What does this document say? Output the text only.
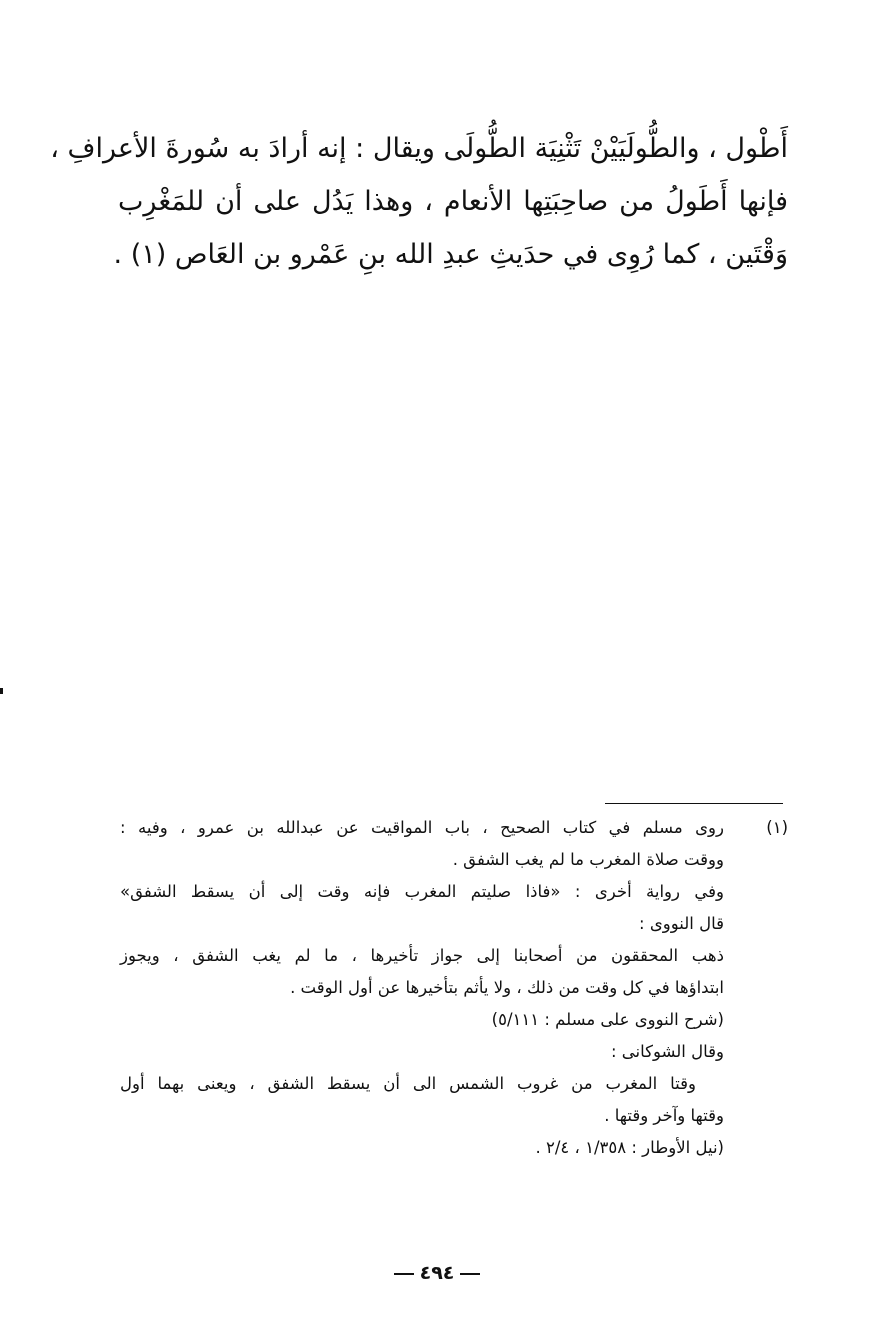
أَطْول ، والطُّولَيَيْنْ تَثْنِيَة الطُّولَى ويقال : إنه أرادَ به سُورةَ الأعرافِ ،
فإنها أَطَولُ من صاحِبَتِها الأنعام ، وهذا يَدُل على أن للمَغْرِب
وَقْتَين ، كما رُوِى في حدَيثِ عبدِ الله بنِ عَمْرو بن العَاص (١) .
(١)
روى مسلم في كتاب الصحيح ، باب المواقيت عن عبدالله بن عمرو ، وفيه :
ووقت صلاة المغرب ما لم يغب الشفق .
وفي رواية أخرى : «فاذا صليتم المغرب فإنه وقت إلى أن يسقط الشفق»
قال النووى :
ذهب المحققون من أصحابنا إلى جواز تأخيرها ، ما لم يغب الشفق ، ويجوز
ابتداؤها في كل وقت من ذلك ، ولا يأثم بتأخيرها عن أول الوقت .
(شرح النووى على مسلم : ٥/١١١)
وقال الشوكانى :
وقتا المغرب من غروب الشمس الى أن يسقط الشفق ، ويعنى بهما أول
وقتها وآخر وقتها .
(نيل الأوطار : ١/٣٥٨ ، ٢/٤ .
٤٩٤
